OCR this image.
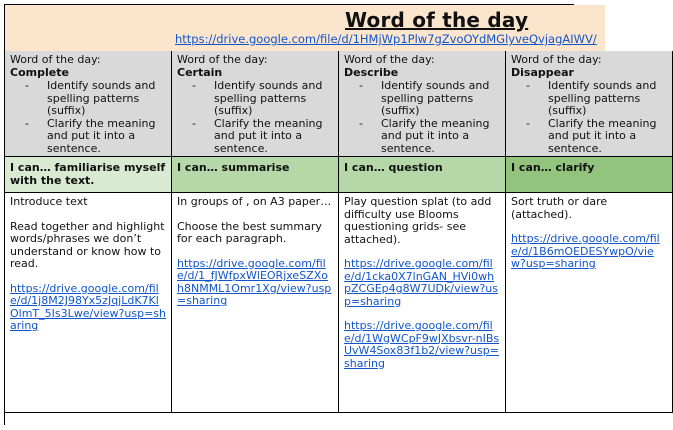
Word of the day
https://drive.google.com/file/d/1HMjWp1Plw7gZvoOYdMGlyveQvjagAIWV/
Word of the day:
Complete
- Identify sounds and spelling patterns (suffix)
- Clarify the meaning and put it into a sentence.
Word of the day:
Certain
- Identify sounds and spelling patterns (suffix)
- Clarify the meaning and put it into a sentence.
Word of the day:
Describe
- Identify sounds and spelling patterns (suffix)
- Clarify the meaning and put it into a sentence.
Word of the day:
Disappear
- Identify sounds and spelling patterns (suffix)
- Clarify the meaning and put it into a sentence.
I can… familiarise myself with the text.
I can… summarise	I can… question	I can… clarify

Introduce text

Read together and highlight words/phrases we don’t understand or know how to read.

https://drive.google.com/file/d/1j8M2J98Yx5zJqjLdK7KlOlmT_5Is3Lwe/view?usp=sharing

In groups of , on A3 paper…

Choose the best summary for each paragraph.

https://drive.google.com/file/d/1_fJWfpxWlEORjxeSZXoh8NMML1Omr1Xg/view?usp=sharing

Play question splat (to add difficulty use Blooms questioning grids- see attached).

https://drive.google.com/file/d/1cka0X7lnGAN_HVi0whpZCGEp4g8W7UDk/view?usp=sharing

https://drive.google.com/file/d/1WgWCpF9wJXbsvr-nIBsUvW4Sox83f1b2/view?usp=sharing

Sort truth or dare (attached).

https://drive.google.com/file/d/1B6mOEDESYwpO/view?usp=sharing
